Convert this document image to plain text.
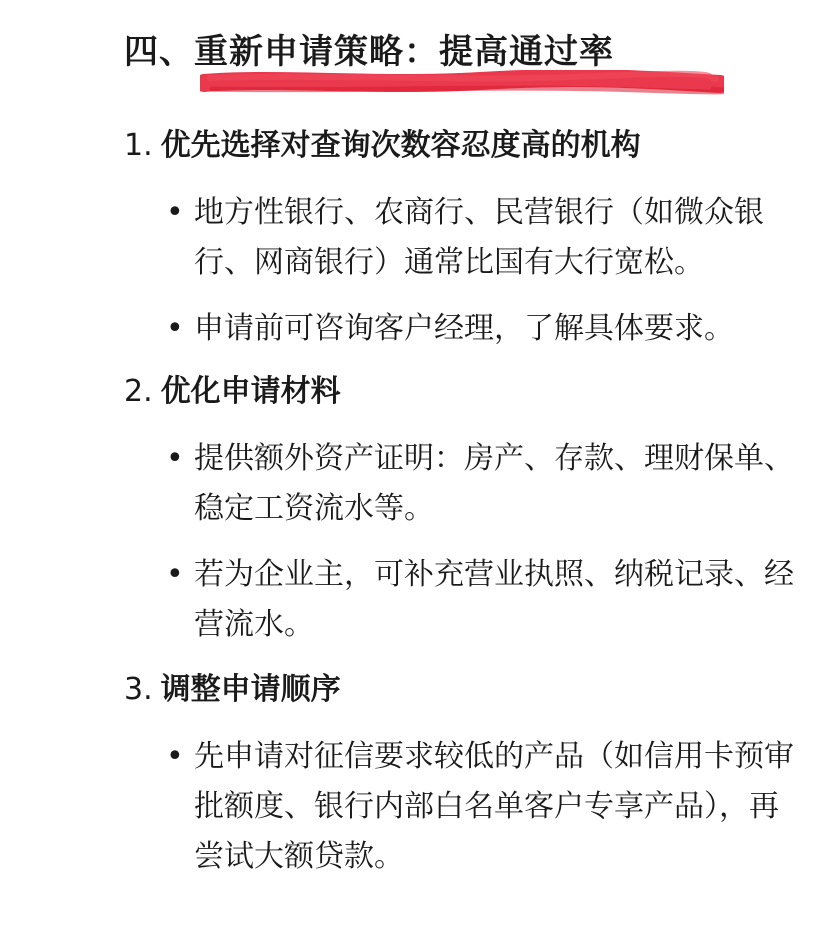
四、重新申请策略：提高通过率

1. 优先选择对查询次数容忍度高的机构

• 地方性银行、农商行、民营银行（如微众银行、网商银行）通常比国有大行宽松。
• 申请前可咨询客户经理，了解具体要求。

2. 优化申请材料

• 提供额外资产证明：房产、存款、理财保单、稳定工资流水等。
• 若为企业主，可补充营业执照、纳税记录、经营流水。

3. 调整申请顺序

• 先申请对征信要求较低的产品（如信用卡预审批额度、银行内部白名单客户专享产品），再尝试大额贷款。
